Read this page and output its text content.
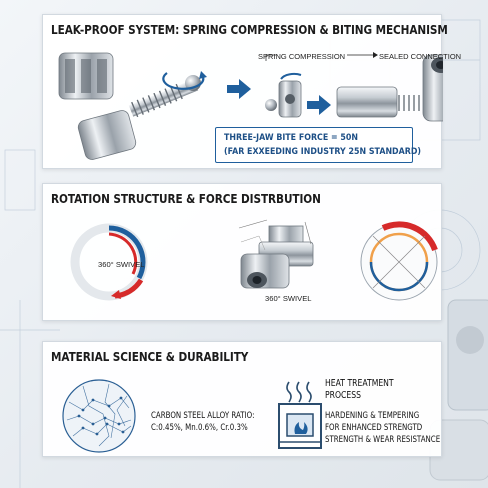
LEAK-PROOF SYSTEM: SPRING COMPRESSION & BITING MECHANISM
SPRING COMPRESSION	SEALED CONNECTION
THREE-JAW BITE FORCE = 50N
(FAR EXXEEDING INDUSTRY 25N STANDARD)
ROTATION STRUCTURE & FORCE DISTRBUTION
360° SWIVEL
360° SWIVEL
MATERIAL SCIENCE & DURABILITY
CARBON STEEL ALLOY RATIO:
C:0.45%, Mn.0.6%, Cr.0.3%
HEAT TREATMENT
PROCESS
HARDENING & TEMPERING
FOR ENHANCED STRENGTD
STRENGTH & WEAR RESISTANCE
